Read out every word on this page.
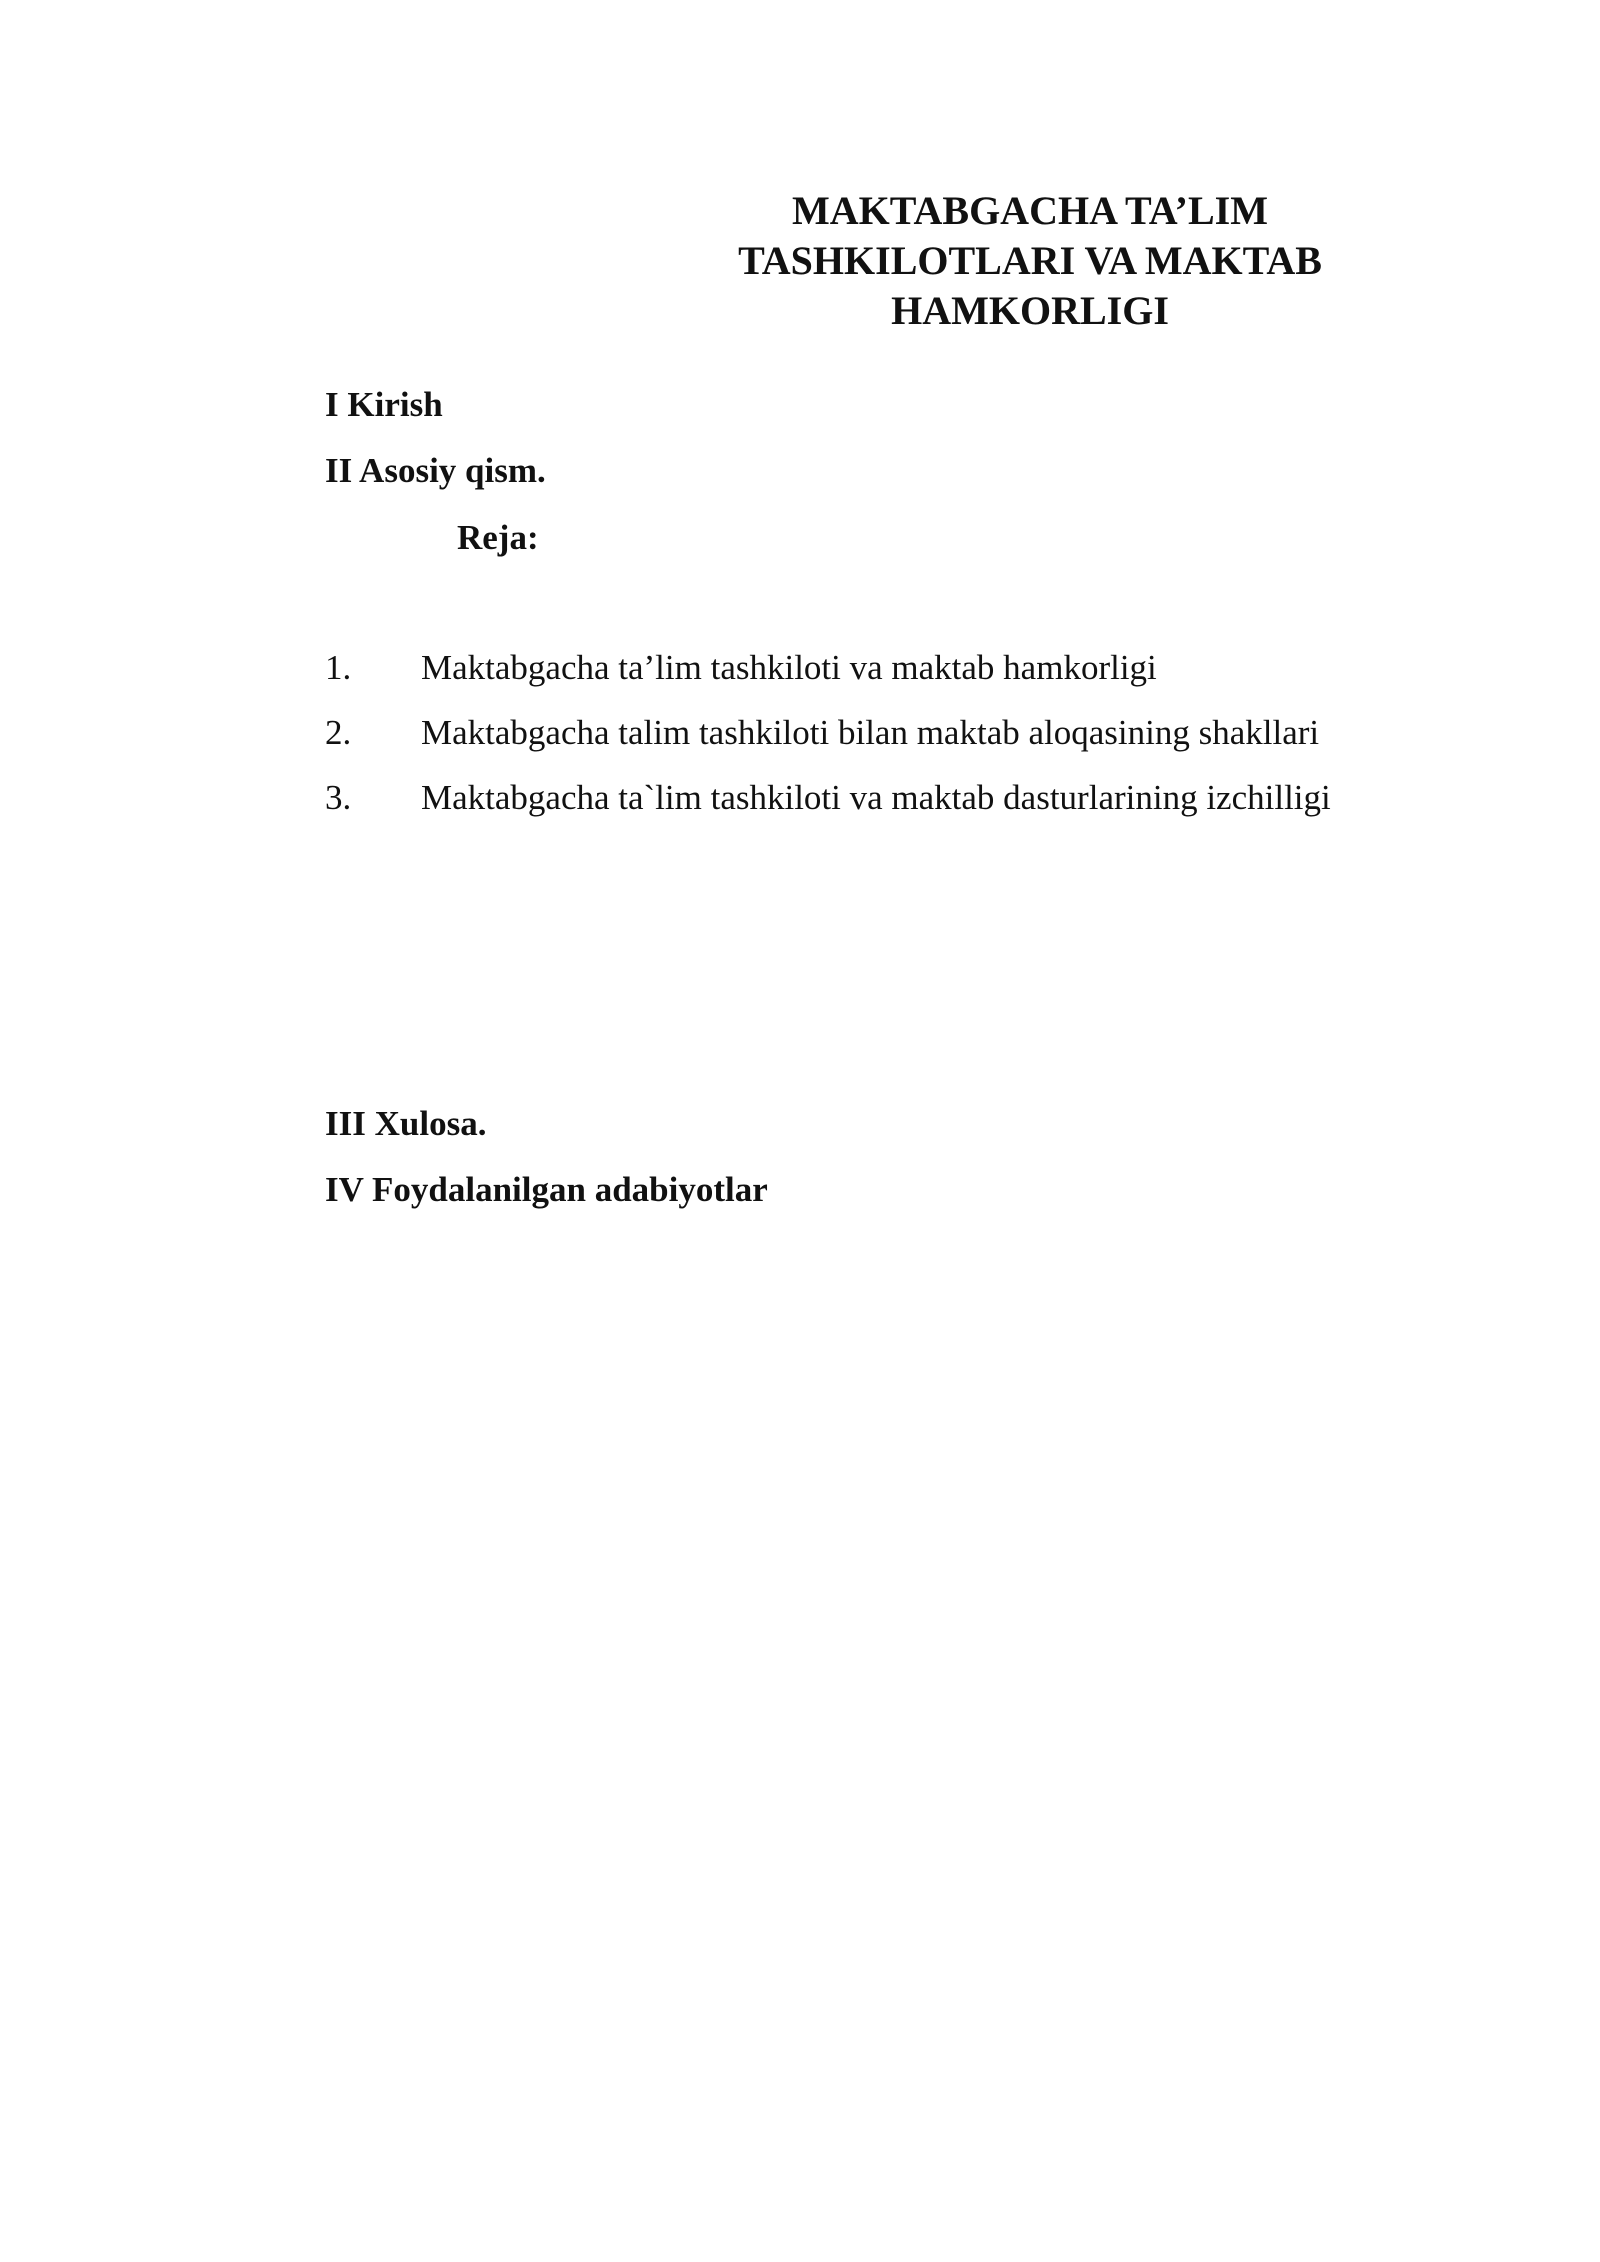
MAKTABGACHA TA’LIM
TASHKILOTLARI VA MAKTAB
HAMKORLIGI
I Kirish
II Asosiy qism.
Reja:
1. Maktabgacha ta’lim tashkiloti va maktab hamkorligi
2. Maktabgacha talim tashkiloti bilan maktab aloqasining shakllari
3. Maktabgacha ta`lim tashkiloti va maktab dasturlarining izchilligi
III Xulosa.
IV Foydalanilgan adabiyotlar
